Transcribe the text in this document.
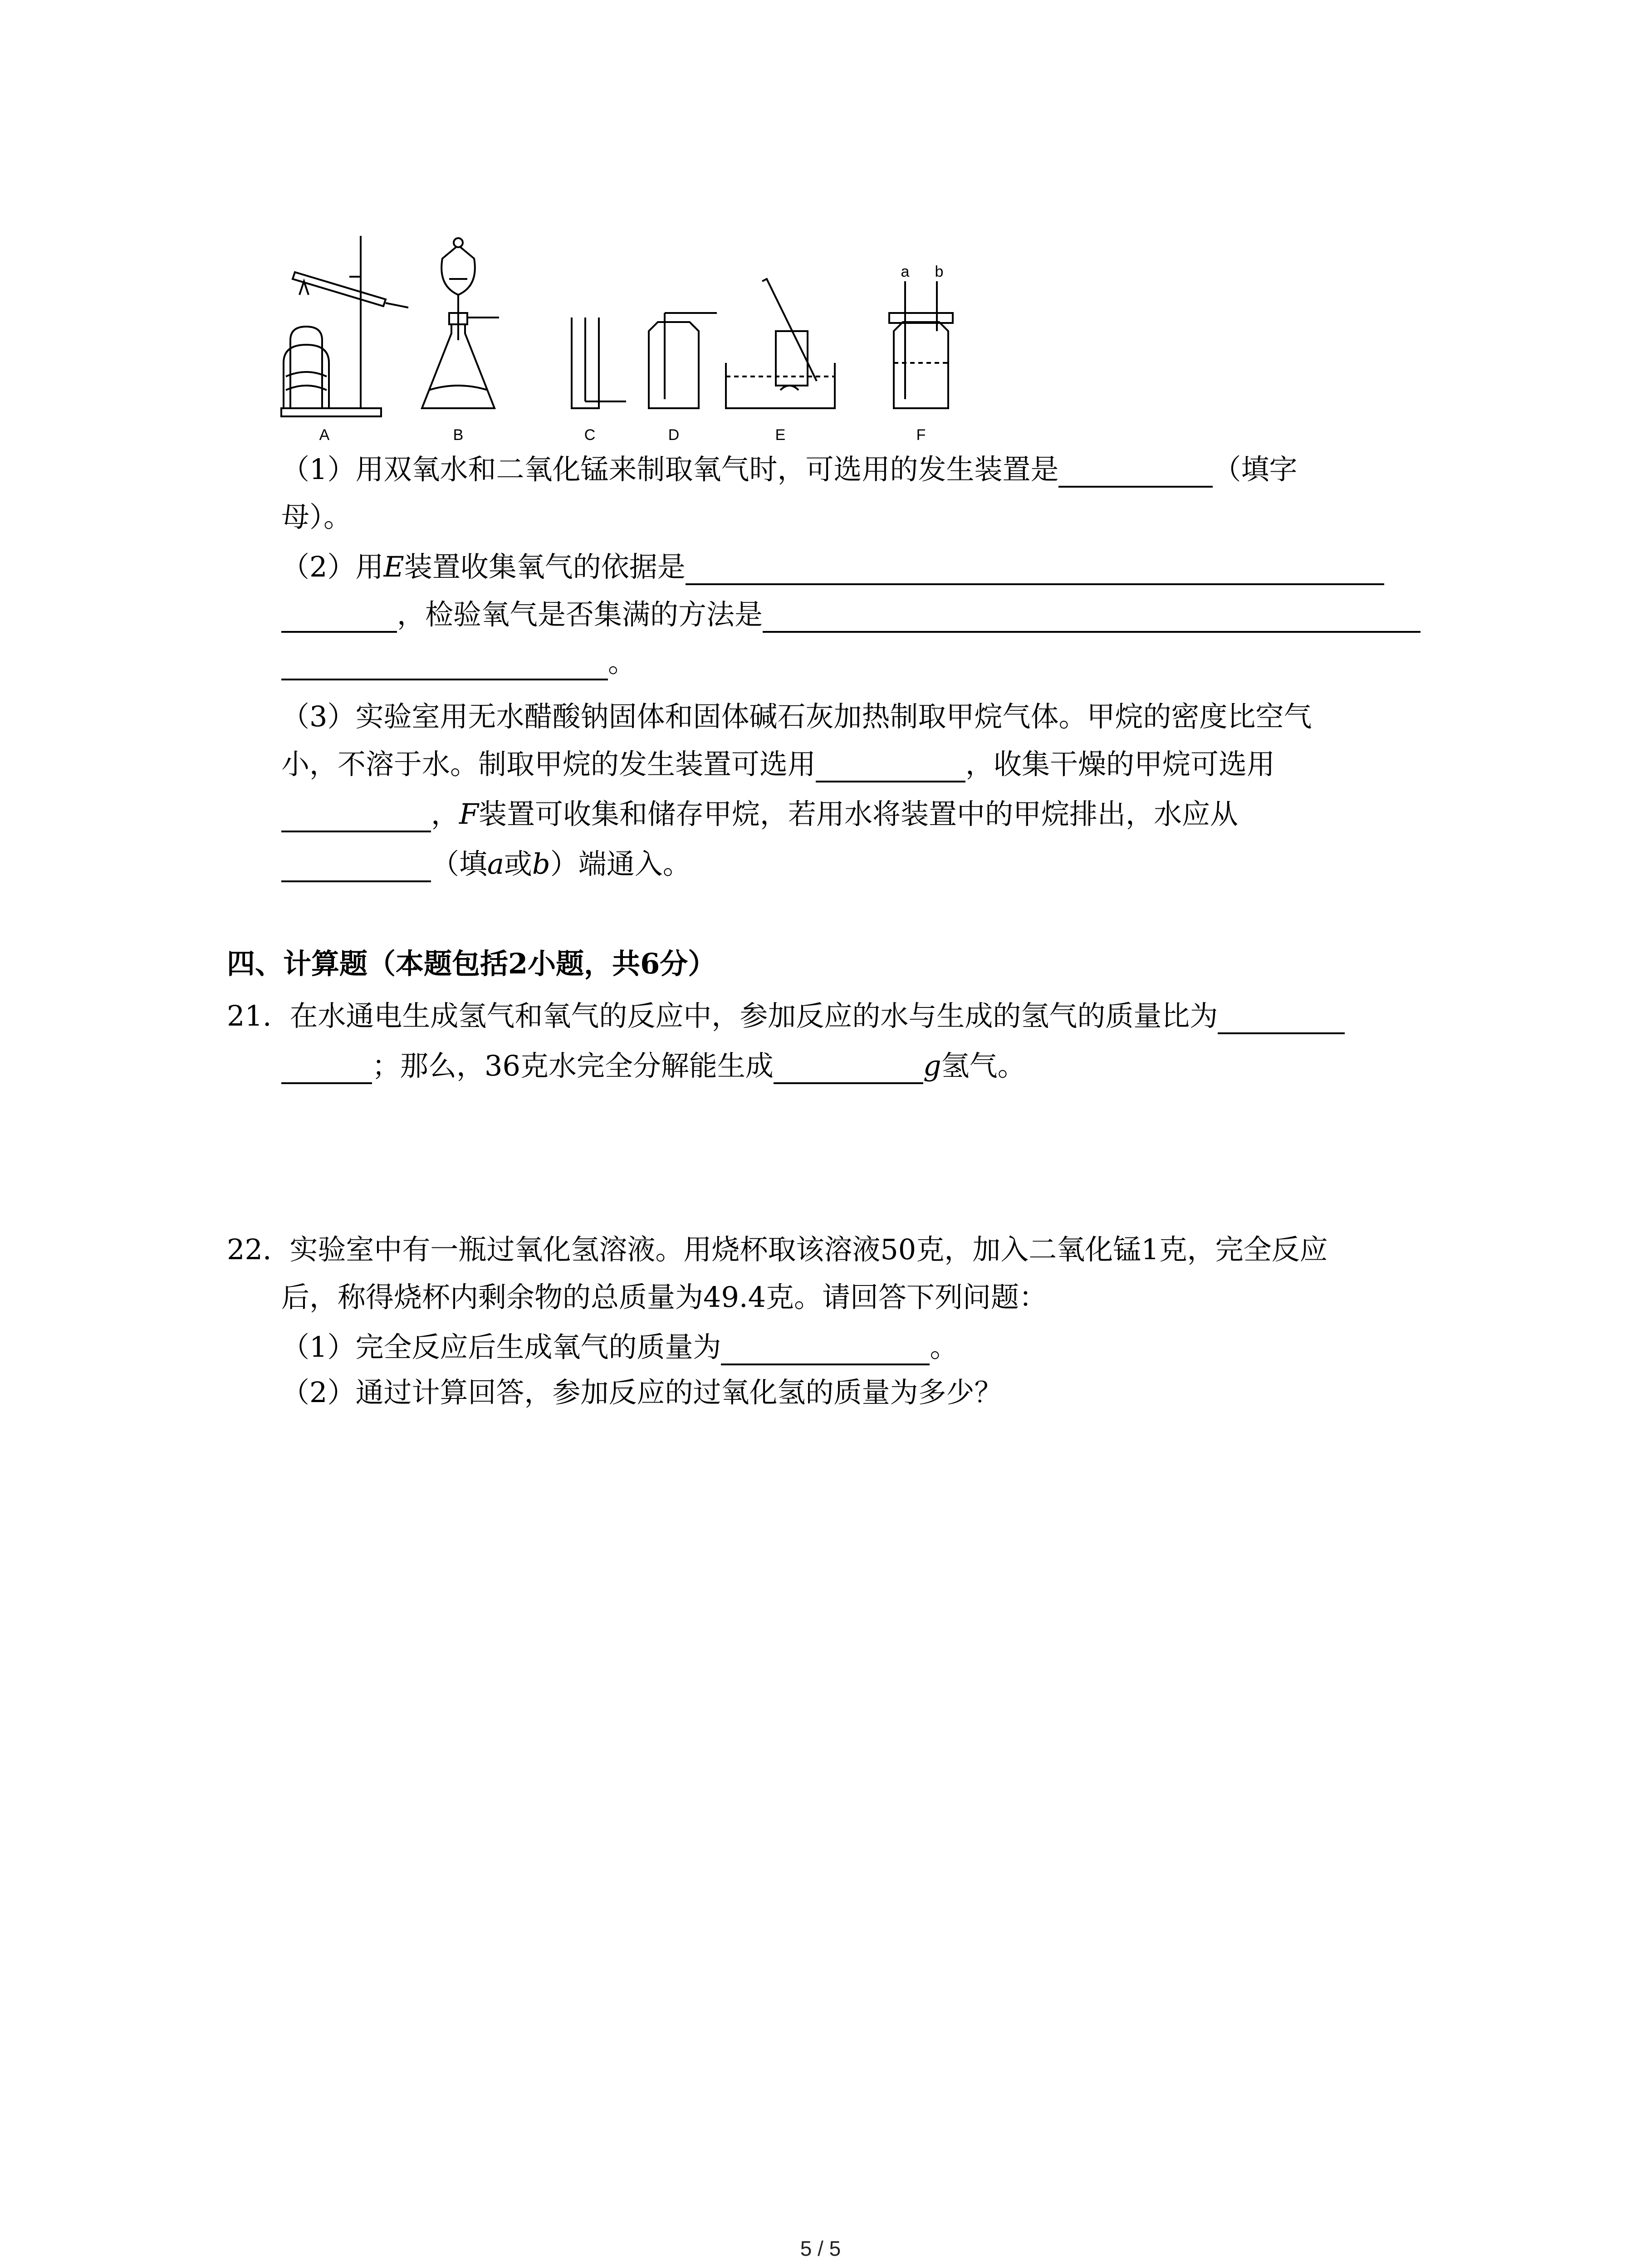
A	B	C	D	E	F
a b
（1）用双氧水和二氧化锰来制取氧气时，可选用的发生装置是	（填字
母）。
（2）用E装置收集氧气的依据是
，检验氧气是否集满的方法是
。
（3）实验室用无水醋酸钠固体和固体碱石灰加热制取甲烷气体。甲烷的密度比空气
小，不溶于水。制取甲烷的发生装置可选用	，收集干燥的甲烷可选用
，F装置可收集和储存甲烷，若用水将装置中的甲烷排出，水应从
（填a或b）端通入。
四、计算题（本题包括2小题，共6分）
21. 在水通电生成氢气和氧气的反应中，参加反应的水与生成的氢气的质量比为
；那么，36克水完全分解能生成	g氢气。
22. 实验室中有一瓶过氧化氢溶液。用烧杯取该溶液50克，加入二氧化锰1克，完全反应
后，称得烧杯内剩余物的总质量为49.4克。请回答下列问题：
（1）完全反应后生成氧气的质量为	。
（2）通过计算回答，参加反应的过氧化氢的质量为多少？
5 / 5
